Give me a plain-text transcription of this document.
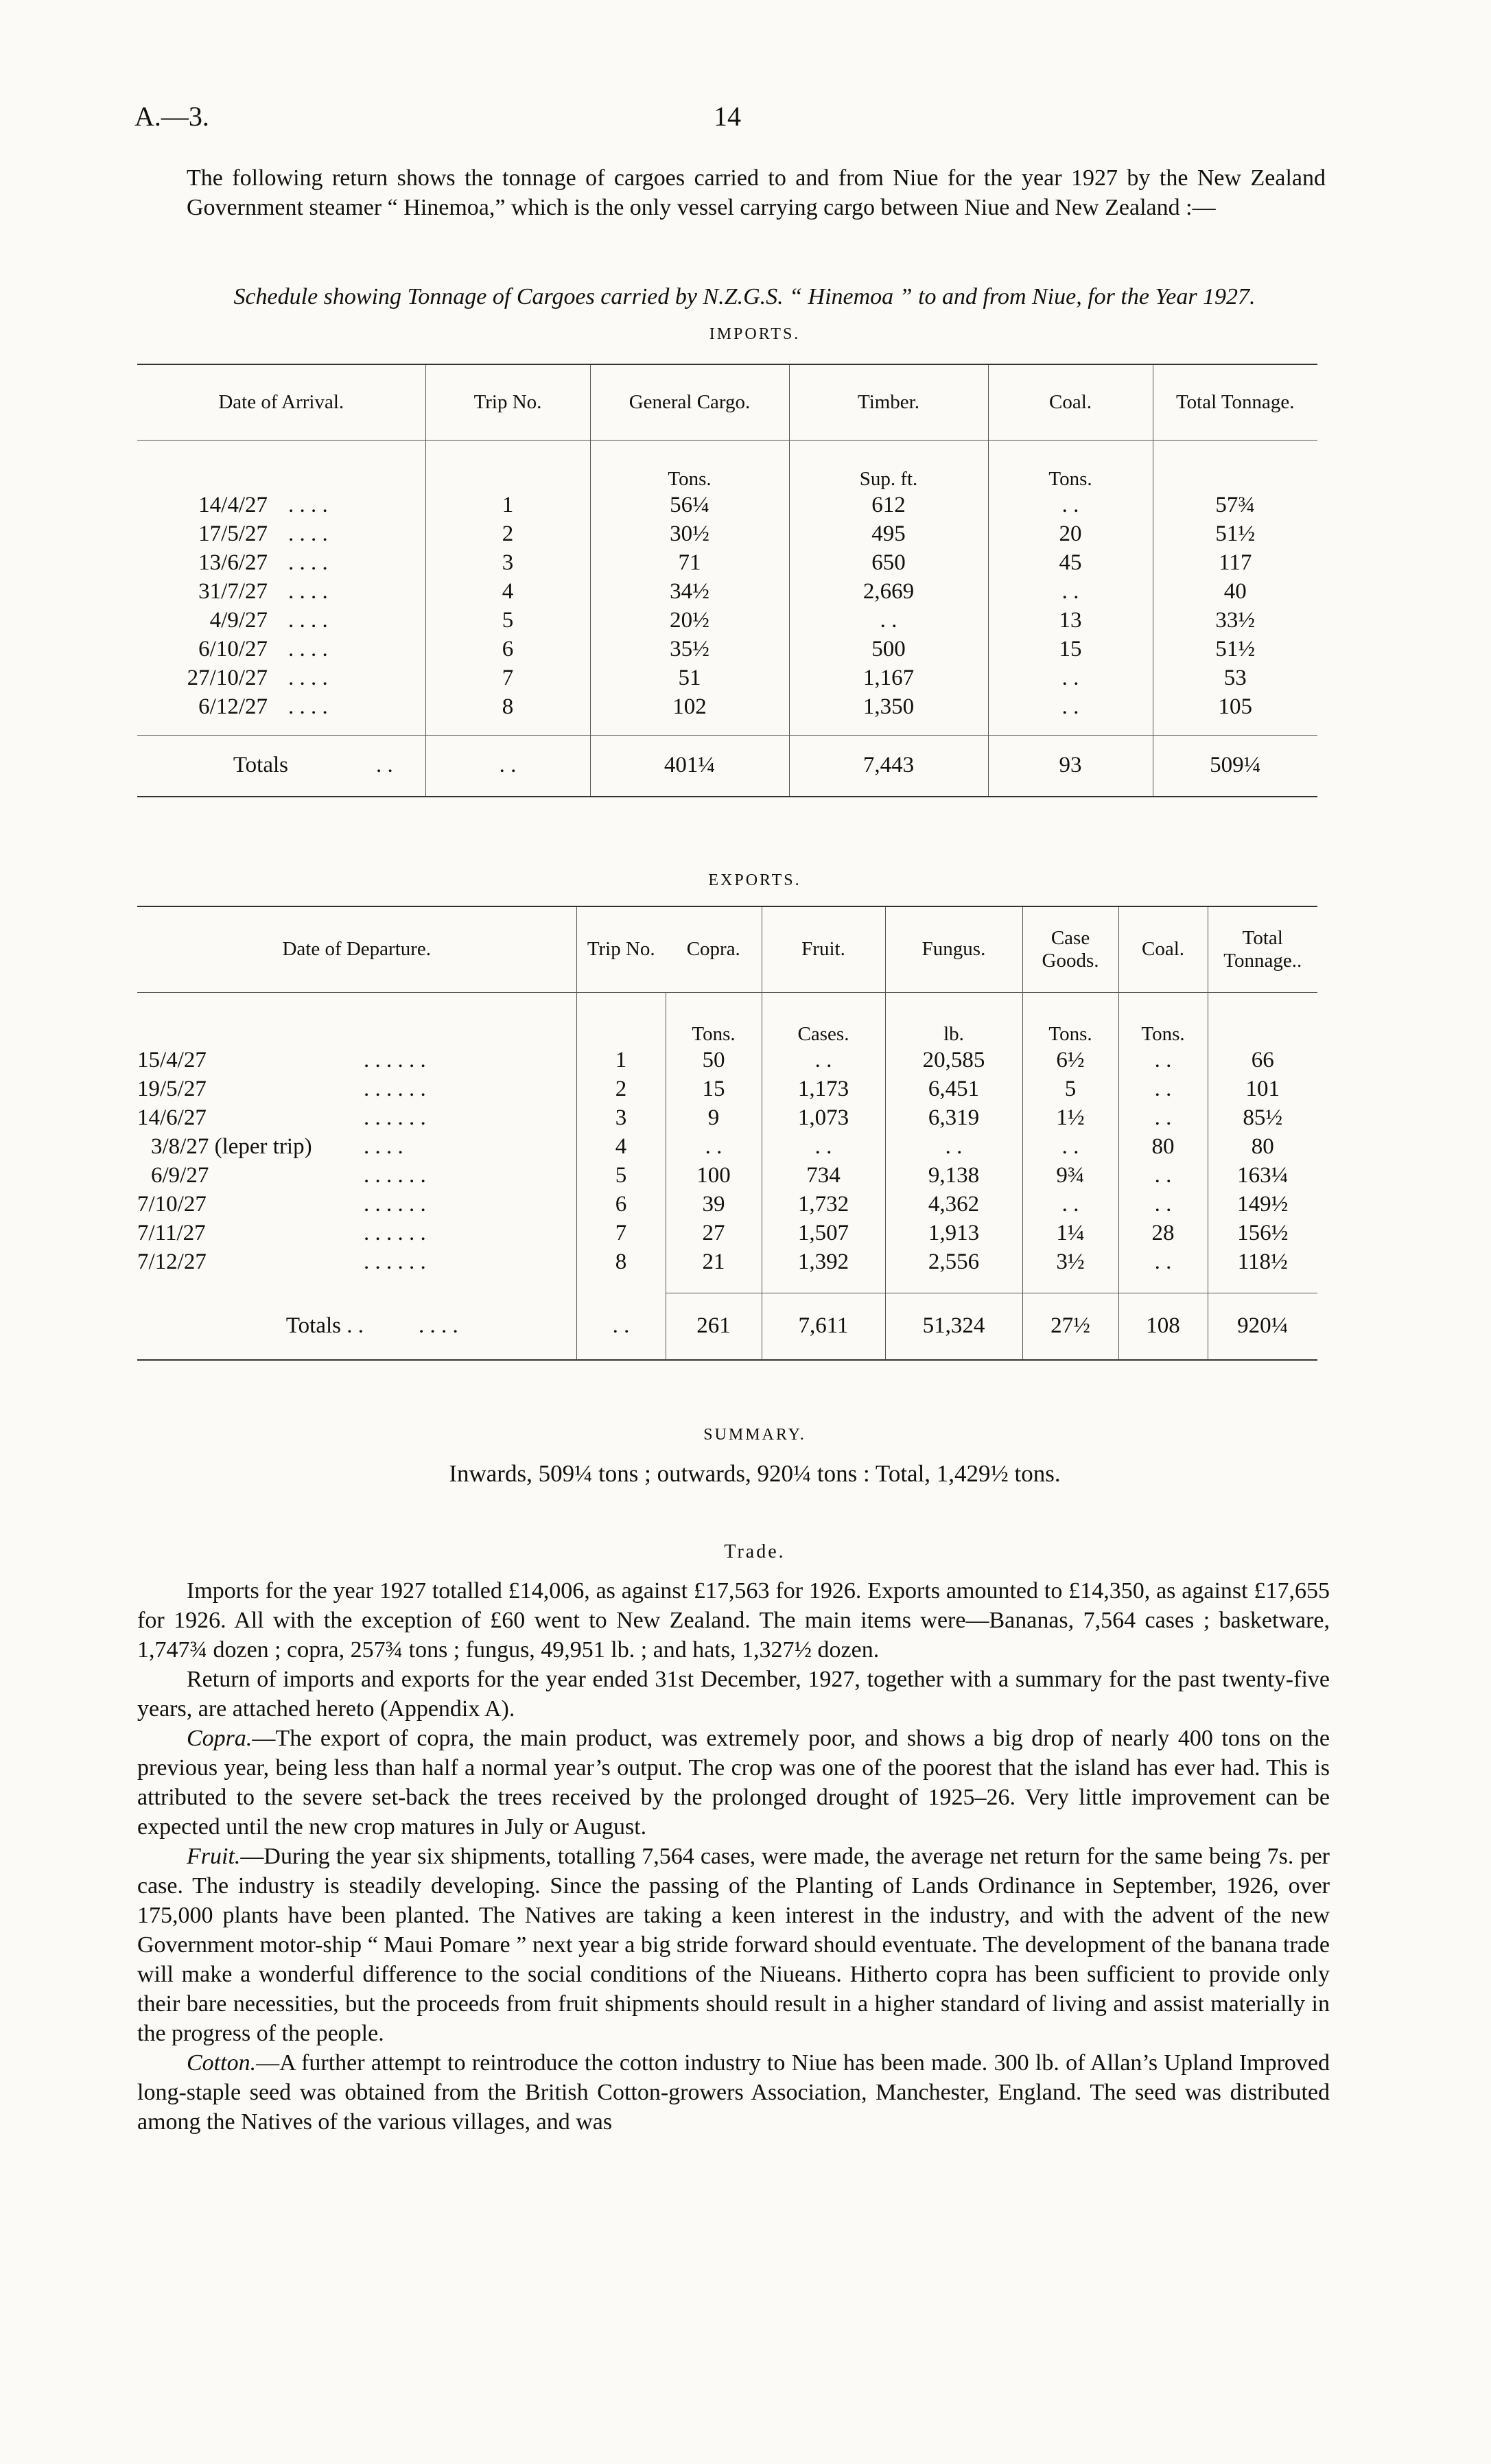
A.—3.	14
The following return shows the tonnage of cargoes carried to and from Niue for the year 1927 by the New Zealand Government steamer “ Hinemoa,” which is the only vessel carrying cargo between Niue and New Zealand :—
Schedule showing Tonnage of Cargoes carried by N.Z.G.S. “ Hinemoa ” to and from Niue, for the Year 1927.
IMPORTS.
Date of Arrival.	Trip No.	General Cargo.	Timber.	Coal.	Total Tonnage.
		Tons.	Sup. ft.	Tons.	
14/4/27 . . . .	1	56¼	612	. .	57¾
17/5/27 . . . .	2	30½	495	20	51½
13/6/27 . . . .	3	71	650	45	117
31/7/27 . . . .	4	34½	2,669	. .	40
4/9/27 . . . .	5	20½	. .	13	33½
6/10/27 . . . .	6	35½	500	15	51½
27/10/27 . . . .	7	51	1,167	. .	53
6/12/27 . . . .	8	102	1,350	. .	105

Totals . .	. .	401¼	7,443	93	509¼
EXPORTS.
Date of Departure.	Trip No.	Copra.	Fruit.	Fungus.	Case Goods.	Coal.	Total Tonnage..
		Tons.	Cases.	lb.	Tons.	Tons.	
15/4/27 . . . . . .	1	50	. .	20,585	6½	. .	66
19/5/27 . . . . . .	2	15	1,173	6,451	5	. .	101
14/6/27 . . . . . .	3	9	1,073	6,319	1½	. .	85½
3/8/27 (leper trip) . . . .	4	. .	. .	. .	. .	80	80
6/9/27 . . . . . .	5	100	734	9,138	9¾	. .	163¼
7/10/27 . . . . . .	6	39	1,732	4,362	. .	. .	149½
7/11/27 . . . . . .	7	27	1,507	1,913	1¼	28	156½
7/12/27 . . . . . .	8	21	1,392	2,556	3½	. .	118½

Totals . . . . . .	. .	261	7,611	51,324	27½	108	920¼
SUMMARY.
Inwards, 509¼ tons ; outwards, 920¼ tons : Total, 1,429½ tons.
Trade.
Imports for the year 1927 totalled £14,006, as against £17,563 for 1926. Exports amounted to £14,350, as against £17,655 for 1926. All with the exception of £60 went to New Zealand. The main items were—Bananas, 7,564 cases ; basketware, 1,747¾ dozen ; copra, 257¾ tons ; fungus, 49,951 lb. ; and hats, 1,327½ dozen.
Return of imports and exports for the year ended 31st December, 1927, together with a summary for the past twenty-five years, are attached hereto (Appendix A).
Copra.—The export of copra, the main product, was extremely poor, and shows a big drop of nearly 400 tons on the previous year, being less than half a normal year’s output. The crop was one of the poorest that the island has ever had. This is attributed to the severe set-back the trees received by the prolonged drought of 1925–26. Very little improvement can be expected until the new crop matures in July or August.
Fruit.—During the year six shipments, totalling 7,564 cases, were made, the average net return for the same being 7s. per case. The industry is steadily developing. Since the passing of the Planting of Lands Ordinance in September, 1926, over 175,000 plants have been planted. The Natives are taking a keen interest in the industry, and with the advent of the new Government motor-ship “ Maui Pomare ” next year a big stride forward should eventuate. The development of the banana trade will make a wonderful difference to the social conditions of the Niueans. Hitherto copra has been sufficient to provide only their bare necessities, but the proceeds from fruit shipments should result in a higher standard of living and assist materially in the progress of the people.
Cotton.—A further attempt to reintroduce the cotton industry to Niue has been made. 300 lb. of Allan’s Upland Improved long-staple seed was obtained from the British Cotton-growers Association, Manchester, England. The seed was distributed among the Natives of the various villages, and was
